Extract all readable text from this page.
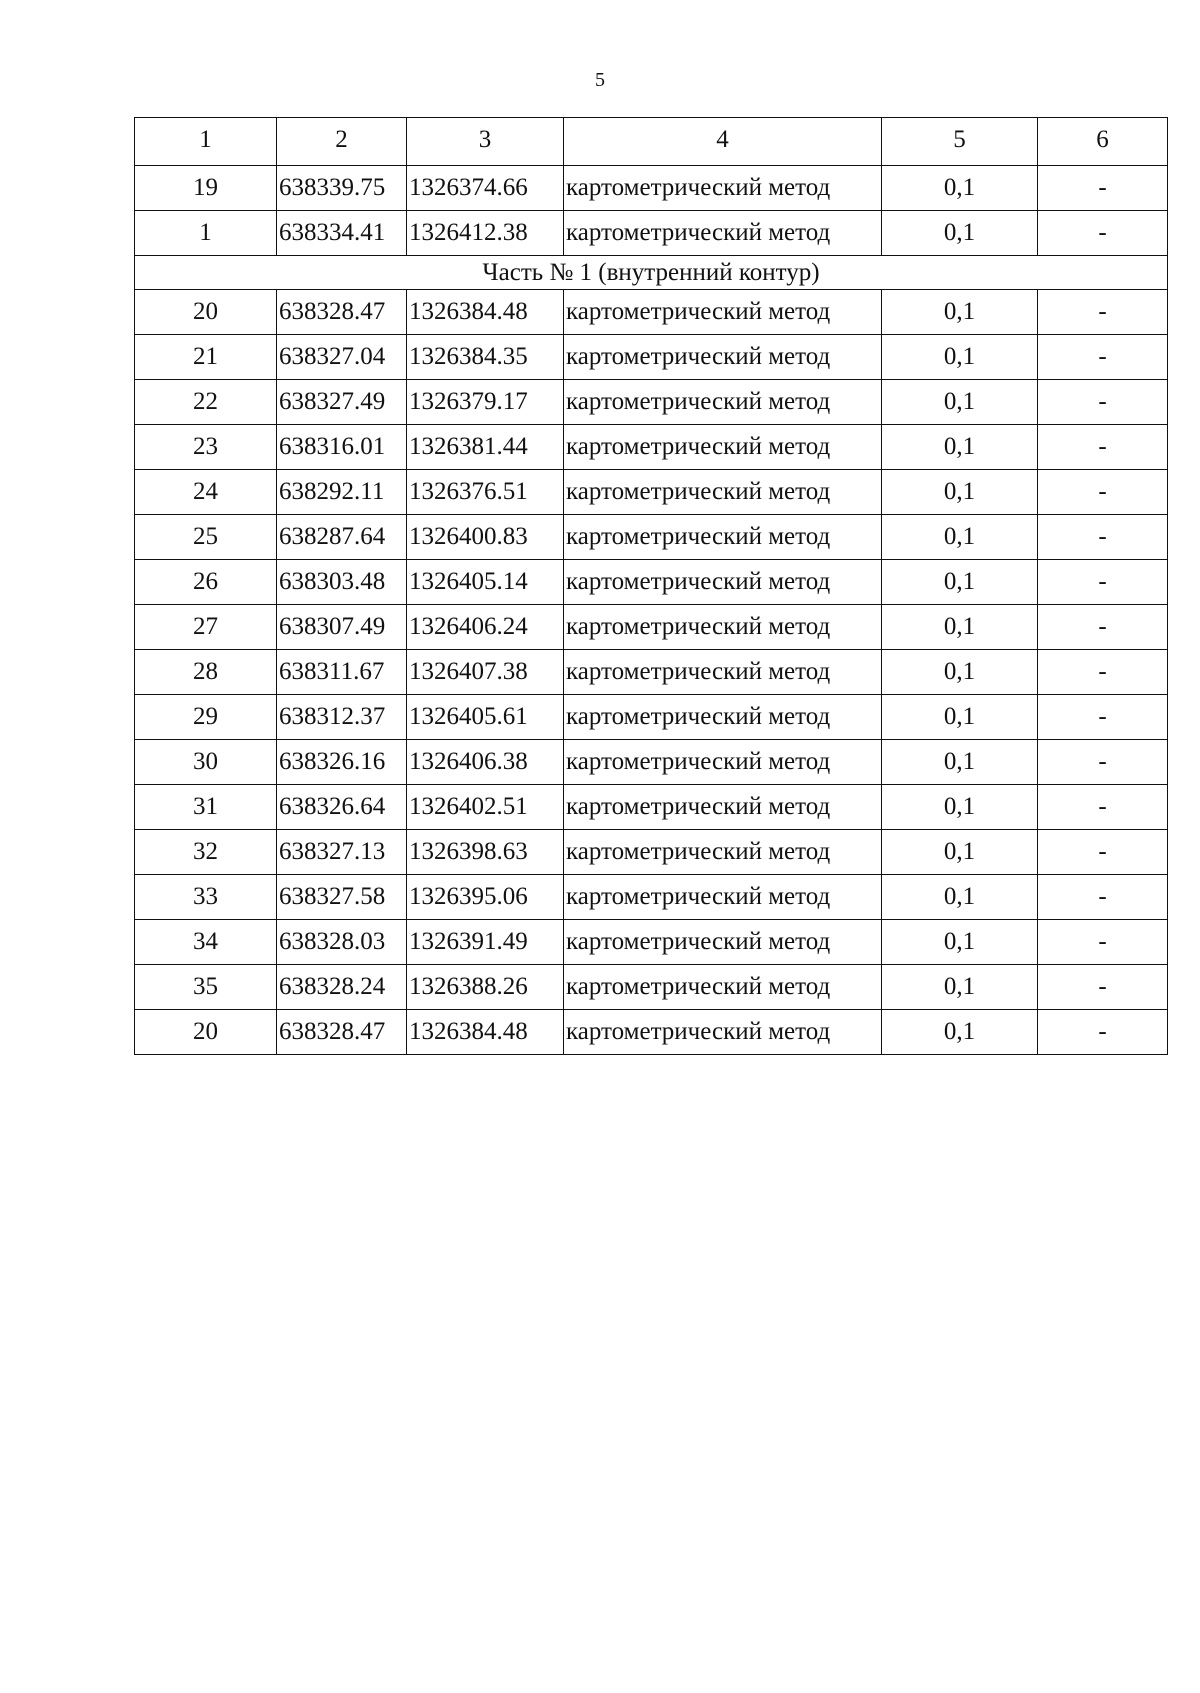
5
1	2	3	4	5	6
19	638339.75	1326374.66	картометрический метод	0,1	-
1	638334.41	1326412.38	картометрический метод	0,1	-
Часть № 1 (внутренний контур)					
20	638328.47	1326384.48	картометрический метод	0,1	-
21	638327.04	1326384.35	картометрический метод	0,1	-
22	638327.49	1326379.17	картометрический метод	0,1	-
23	638316.01	1326381.44	картометрический метод	0,1	-
24	638292.11	1326376.51	картометрический метод	0,1	-
25	638287.64	1326400.83	картометрический метод	0,1	-
26	638303.48	1326405.14	картометрический метод	0,1	-
27	638307.49	1326406.24	картометрический метод	0,1	-
28	638311.67	1326407.38	картометрический метод	0,1	-
29	638312.37	1326405.61	картометрический метод	0,1	-
30	638326.16	1326406.38	картометрический метод	0,1	-
31	638326.64	1326402.51	картометрический метод	0,1	-
32	638327.13	1326398.63	картометрический метод	0,1	-
33	638327.58	1326395.06	картометрический метод	0,1	-
34	638328.03	1326391.49	картометрический метод	0,1	-
35	638328.24	1326388.26	картометрический метод	0,1	-
20	638328.47	1326384.48	картометрический метод	0,1	-
